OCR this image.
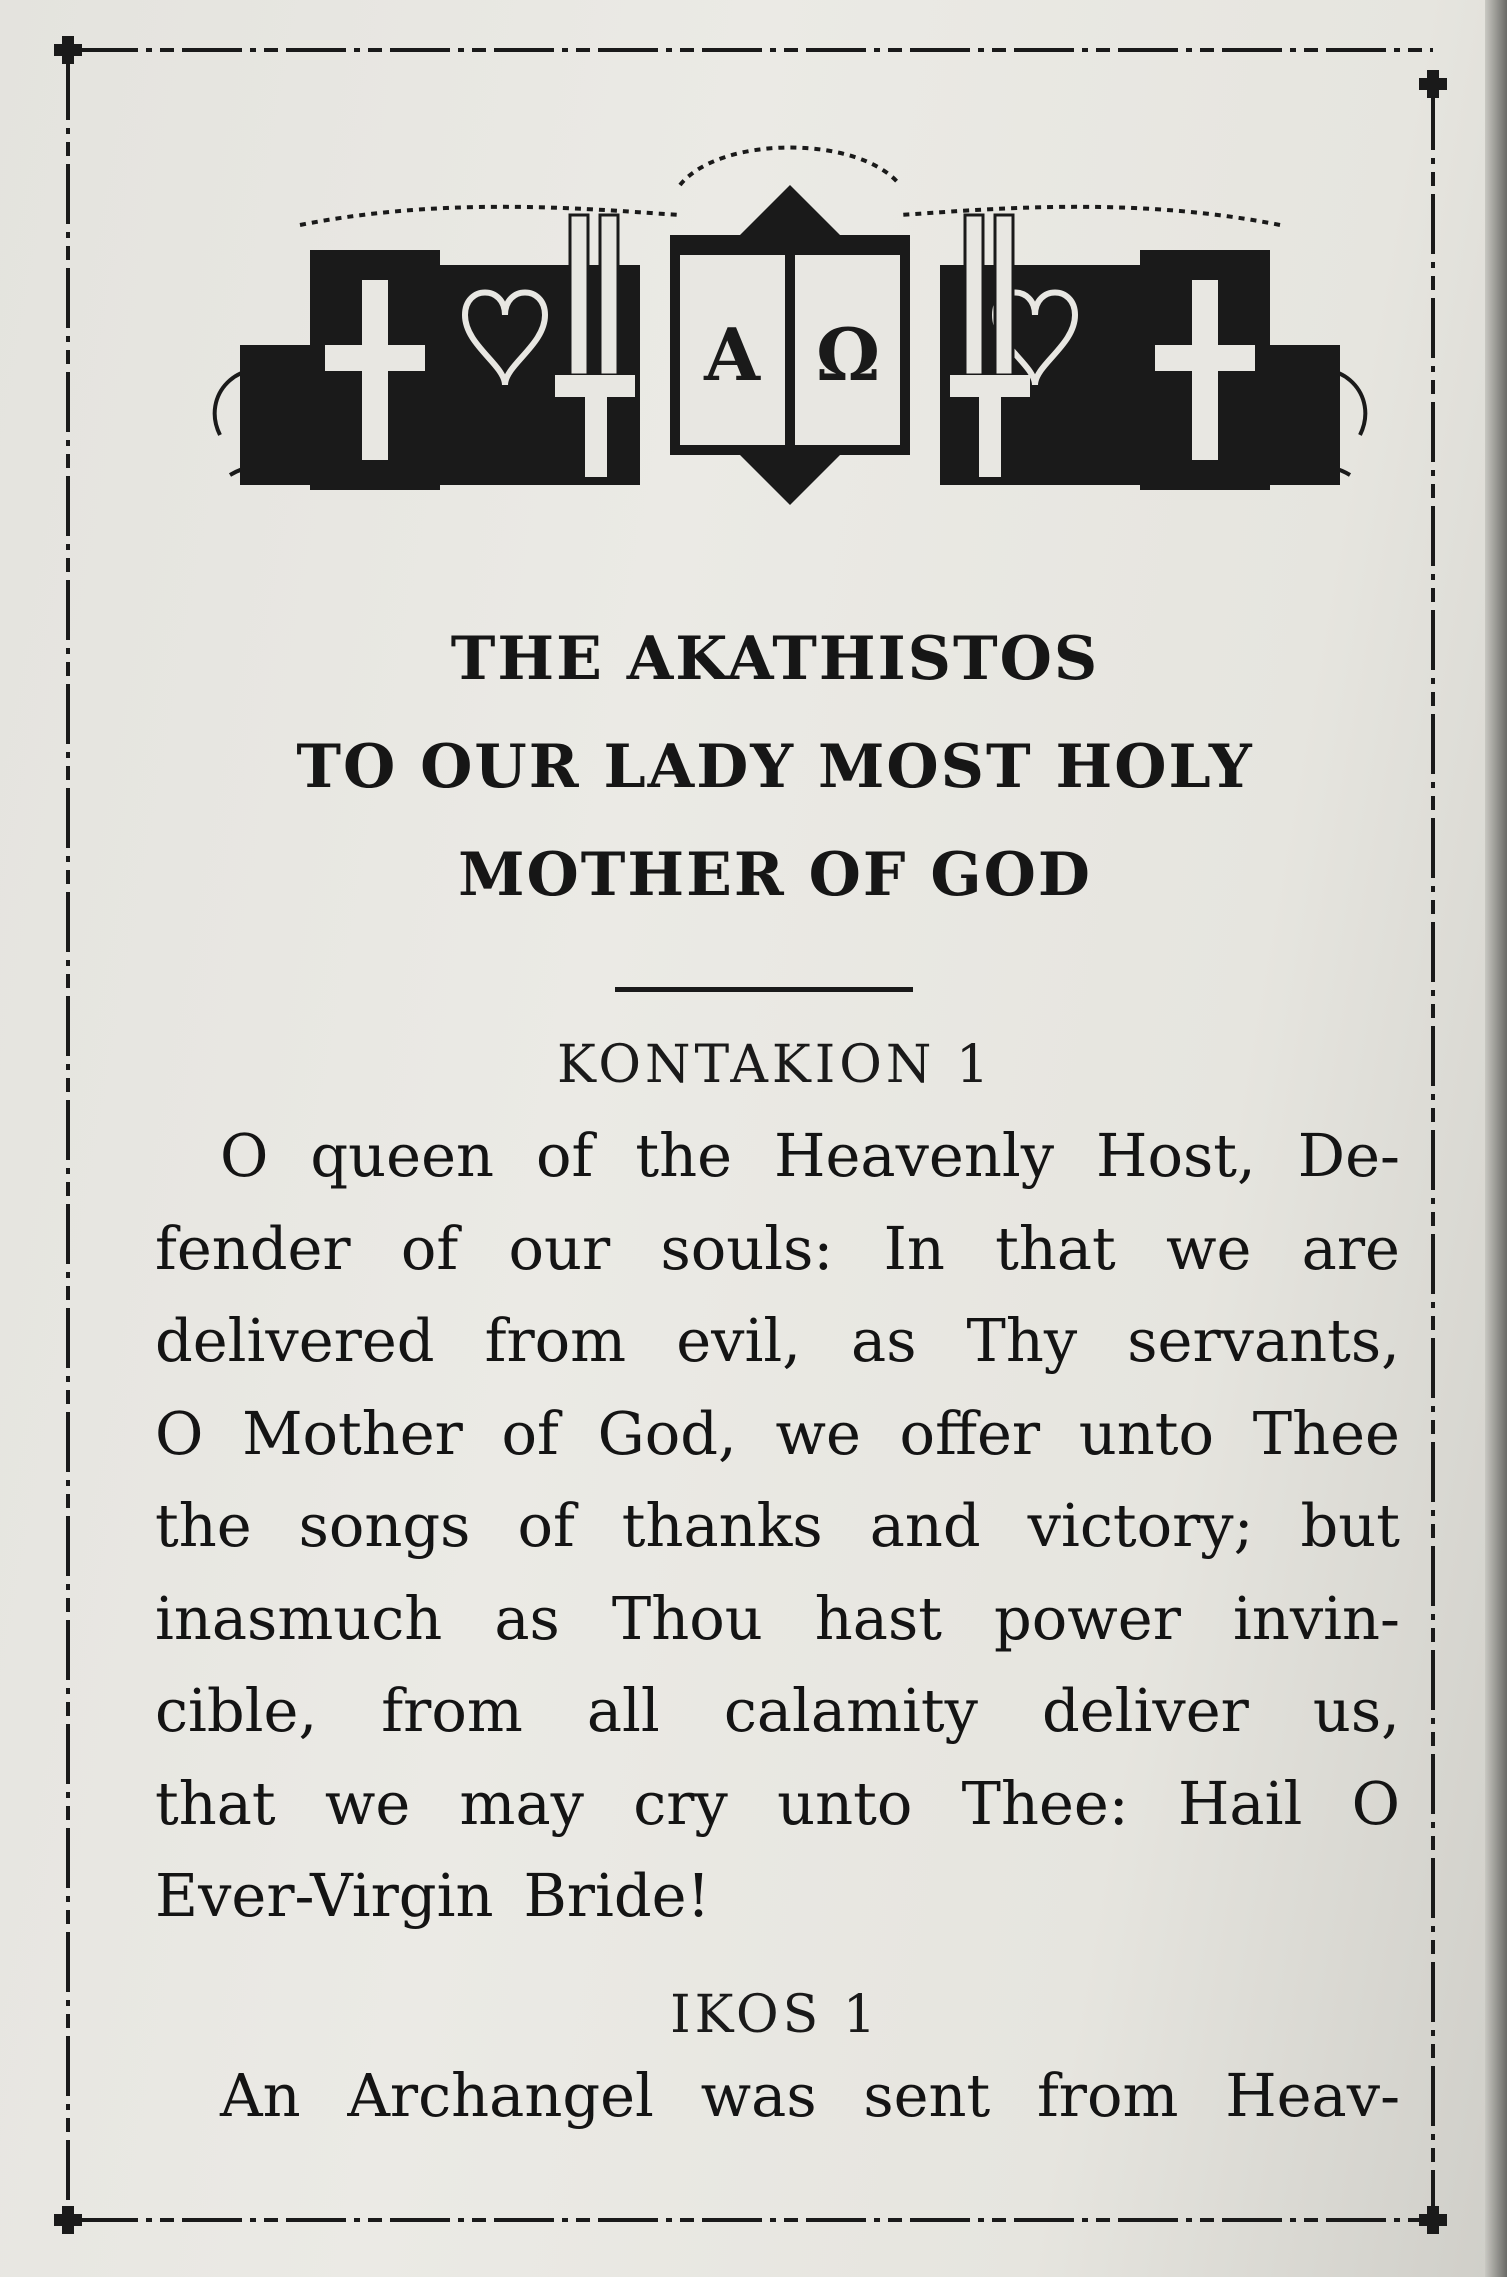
Α Ω
THE AKATHISTOS
TO OUR LADY MOST HOLY
MOTHER OF GOD
KONTAKION 1
O queen of the Heavenly Host, De-
fender of our souls: In that we are
delivered from evil, as Thy servants,
O Mother of God, we offer unto Thee
the songs of thanks and victory; but
inasmuch as Thou hast power invin-
cible, from all calamity deliver us,
that we may cry unto Thee: Hail O
Ever-Virgin Bride!
IKOS 1
An Archangel was sent from Heav-
